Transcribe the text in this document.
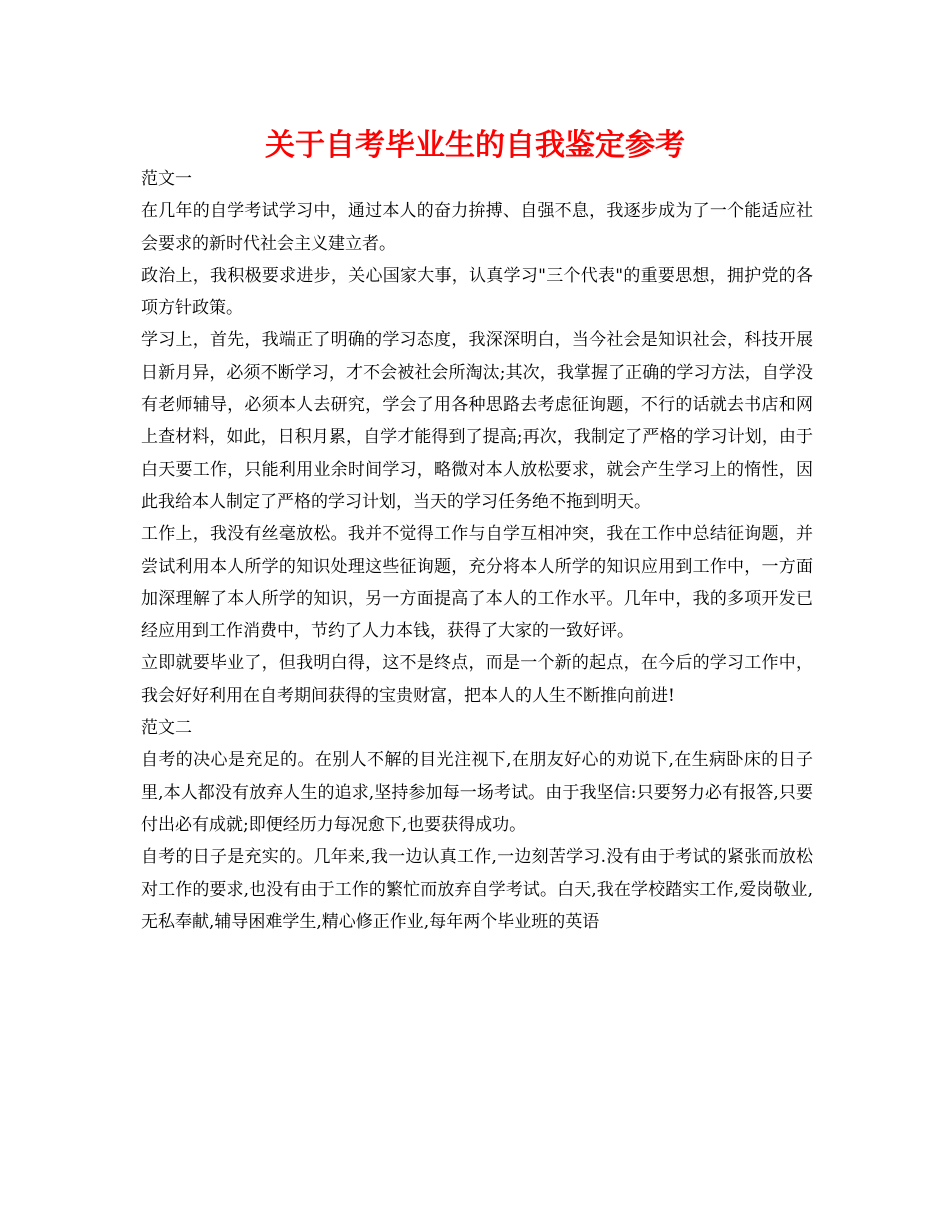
关于自考毕业生的自我鉴定参考

范文一

在几年的自学考试学习中，通过本人的奋力拚搏、自强不息，我逐步成为了一个能适应社会要求的新时代社会主义建立者。

政治上，我积极要求进步，关心国家大事，认真学习"三个代表"的重要思想，拥护党的各项方针政策。

学习上，首先，我端正了明确的学习态度，我深深明白，当今社会是知识社会，科技开展日新月异，必须不断学习，才不会被社会所淘汰;其次，我掌握了正确的学习方法，自学没有老师辅导，必须本人去研究，学会了用各种思路去考虑征询题，不行的话就去书店和网上查材料，如此，日积月累，自学才能得到了提高;再次，我制定了严格的学习计划，由于白天要工作，只能利用业余时间学习，略微对本人放松要求，就会产生学习上的惰性，因此我给本人制定了严格的学习计划，当天的学习任务绝不拖到明天。

工作上，我没有丝毫放松。我并不觉得工作与自学互相冲突，我在工作中总结征询题，并尝试利用本人所学的知识处理这些征询题，充分将本人所学的知识应用到工作中，一方面加深理解了本人所学的知识，另一方面提高了本人的工作水平。几年中，我的多项开发已经应用到工作消费中，节约了人力本钱，获得了大家的一致好评。

立即就要毕业了，但我明白得，这不是终点，而是一个新的起点，在今后的学习工作中，我会好好利用在自考期间获得的宝贵财富，把本人的人生不断推向前进!

范文二

自考的决心是充足的。在别人不解的目光注视下,在朋友好心的劝说下,在生病卧床的日子里,本人都没有放弃人生的追求,坚持参加每一场考试。由于我坚信:只要努力必有报答,只要付出必有成就;即便经历力每况愈下,也要获得成功。

自考的日子是充实的。几年来,我一边认真工作,一边刻苦学习.没有由于考试的紧张而放松对工作的要求,也没有由于工作的繁忙而放弃自学考试。白天,我在学校踏实工作,爱岗敬业,无私奉献,辅导困难学生,精心修正作业,每年两个毕业班的英语
